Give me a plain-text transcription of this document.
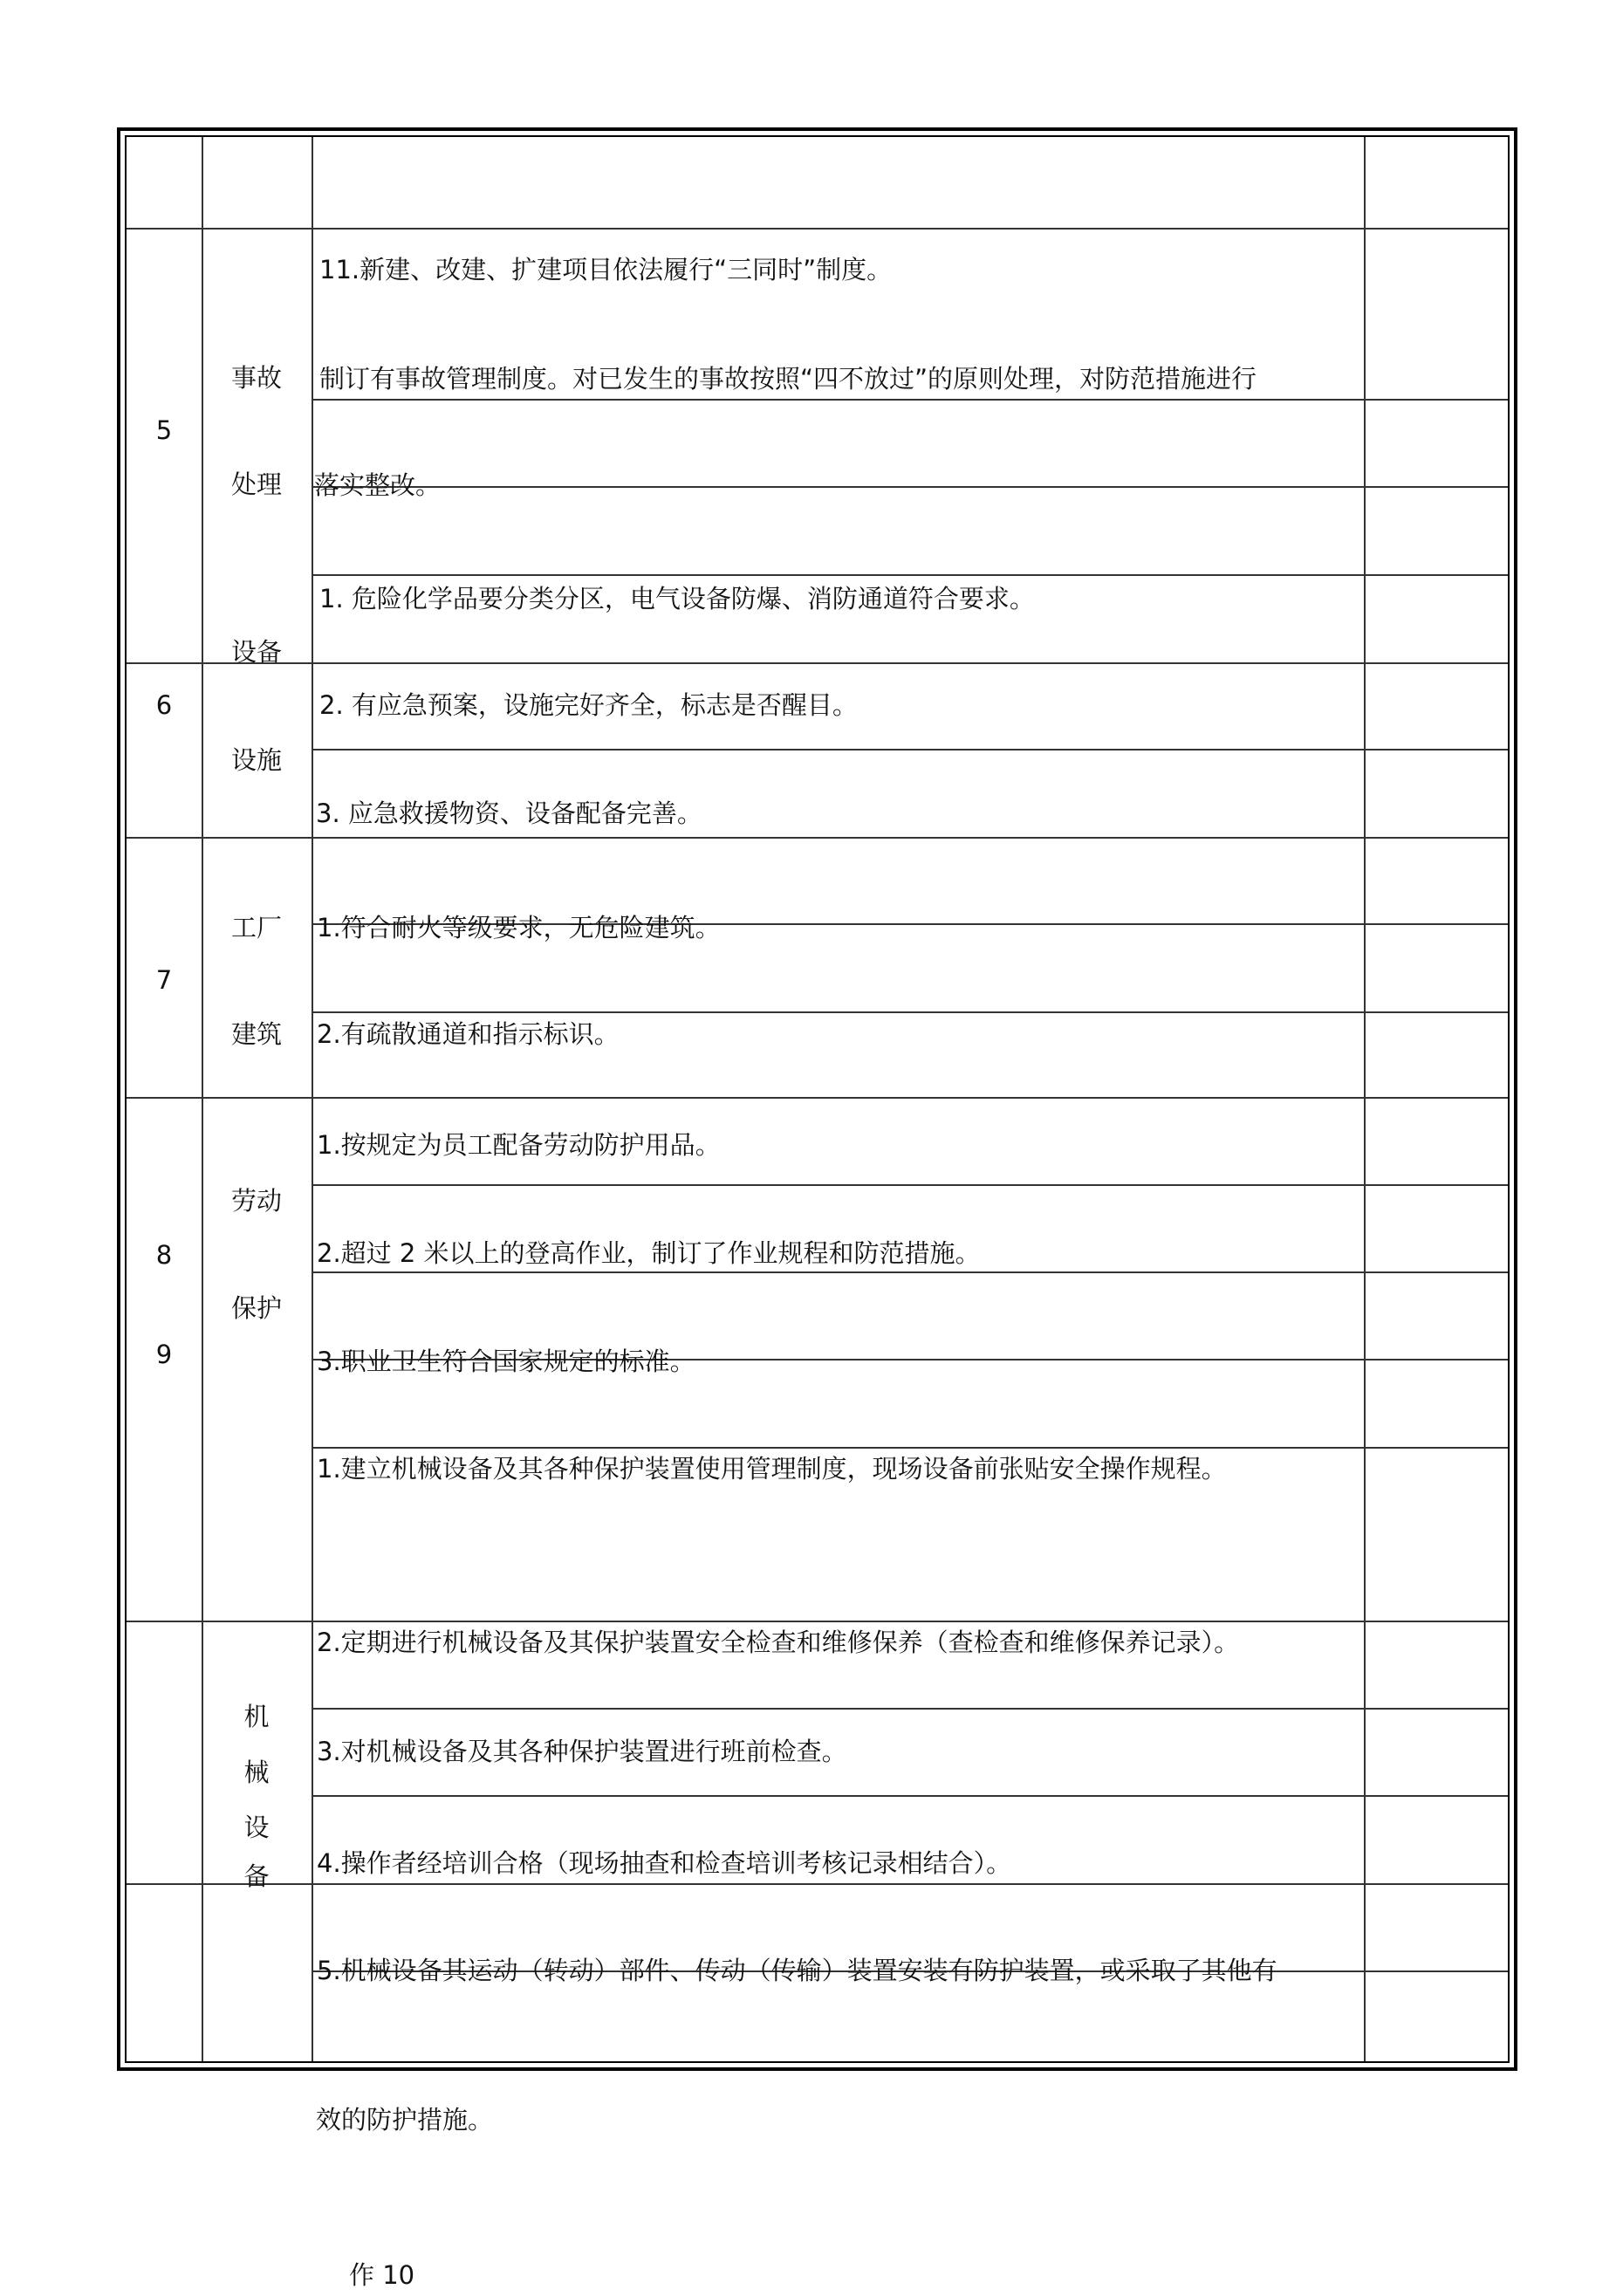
事故
5
处理
11.新建、改建、扩建项目依法履行“三同时”制度。
制订有事故管理制度。对已发生的事故按照“四不放过”的原则处理，对防范措施进行
落实整改。
设备
6
设施
1. 危险化学品要分类分区，电气设备防爆、消防通道符合要求。
2. 有应急预案，设施完好齐全，标志是否醒目。
3. 应急救援物资、设备配备完善。
工厂
7
建筑
1.符合耐火等级要求，无危险建筑。
2.有疏散通道和指示标识。
劳动
8
保护
9
1.按规定为员工配备劳动防护用品。
2.超过 2 米以上的登高作业，制订了作业规程和防范措施。
3.职业卫生符合国家规定的标准。
机
械
设
备
1.建立机械设备及其各种保护装置使用管理制度，现场设备前张贴安全操作规程。
2.定期进行机械设备及其保护装置安全检查和维修保养（查检查和维修保养记录）。
3.对机械设备及其各种保护装置进行班前检查。
4.操作者经培训合格（现场抽查和检查培训考核记录相结合）。
5.机械设备其运动（转动）部件、传动（传输）装置安装有防护装置，或采取了其他有
效的防护措施。
作 10
